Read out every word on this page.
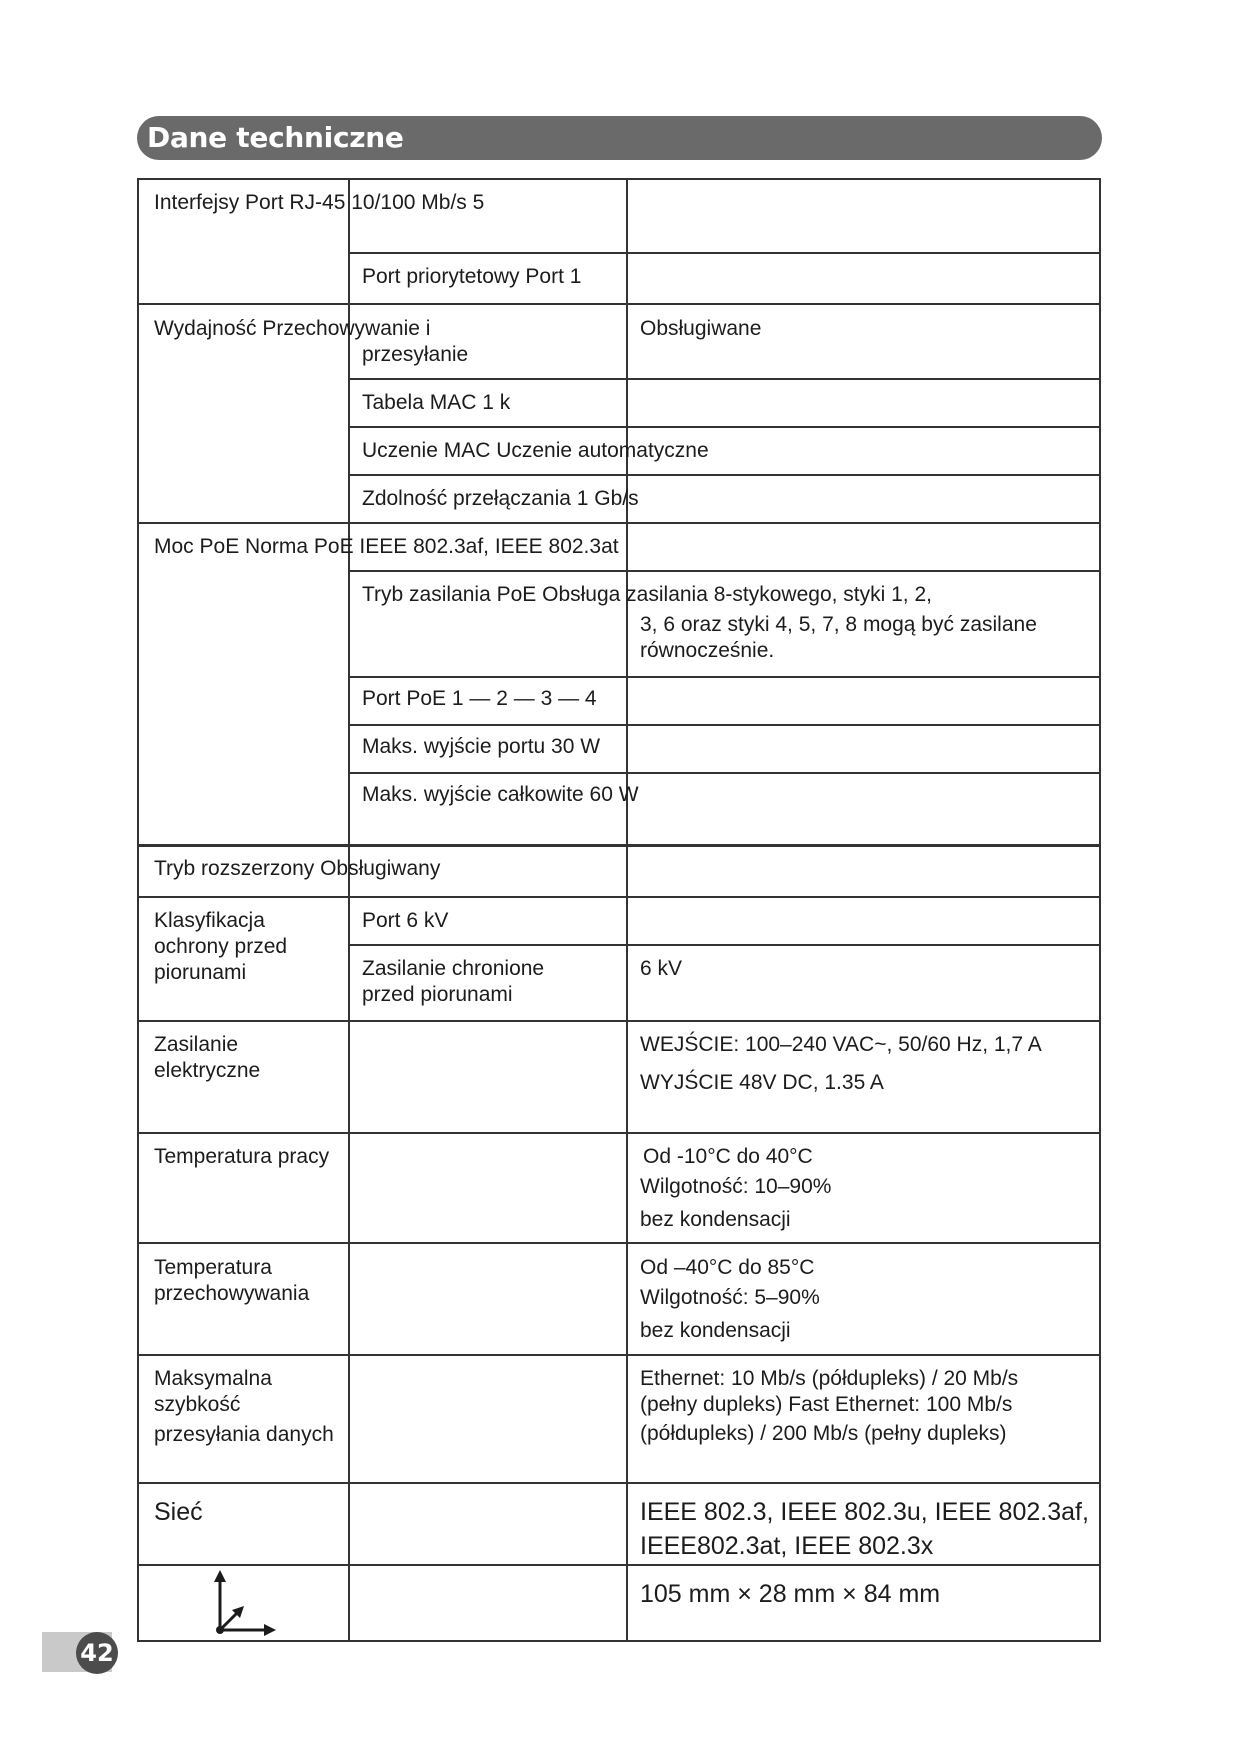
Dane techniczne
Interfejsy Port RJ-45 10/100 Mb/s 5
Port priorytetowy Port 1
Wydajność Przechowywanie i
przesyłanie
Obsługiwane
Tabela MAC 1 k
Uczenie MAC Uczenie automatyczne
Zdolność przełączania 1 Gb/s
Moc PoE Norma PoE IEEE 802.3af, IEEE 802.3at
Tryb zasilania PoE Obsługa zasilania 8-stykowego, styki 1, 2,
3, 6 oraz styki 4, 5, 7, 8 mogą być zasilane
równocześnie.
Port PoE 1 — 2 — 3 — 4
Maks. wyjście portu 30 W
Maks. wyjście całkowite 60 W
Tryb rozszerzony Obsługiwany
Klasyfikacja
ochrony przed
piorunami
Port 6 kV
Zasilanie chronione
przed piorunami
6 kV
Zasilanie
elektryczne
WEJŚCIE: 100–240 VAC~, 50/60 Hz, 1,7 A
WYJŚCIE 48V DC, 1.35 A
Temperatura pracy	Od -10°C do 40°C
Wilgotność: 10–90%
bez kondensacji
Temperatura
przechowywania
Od –40°C do 85°C
Wilgotność: 5–90%
bez kondensacji
Maksymalna
szybkość
przesyłania danych
Ethernet: 10 Mb/s (półdupleks) / 20 Mb/s
(pełny dupleks) Fast Ethernet: 100 Mb/s
(półdupleks) / 200 Mb/s (pełny dupleks)
Sieć	IEEE 802.3, IEEE 802.3u, IEEE 802.3af,
IEEE802.3at, IEEE 802.3x
105 mm × 28 mm × 84 mm
42
